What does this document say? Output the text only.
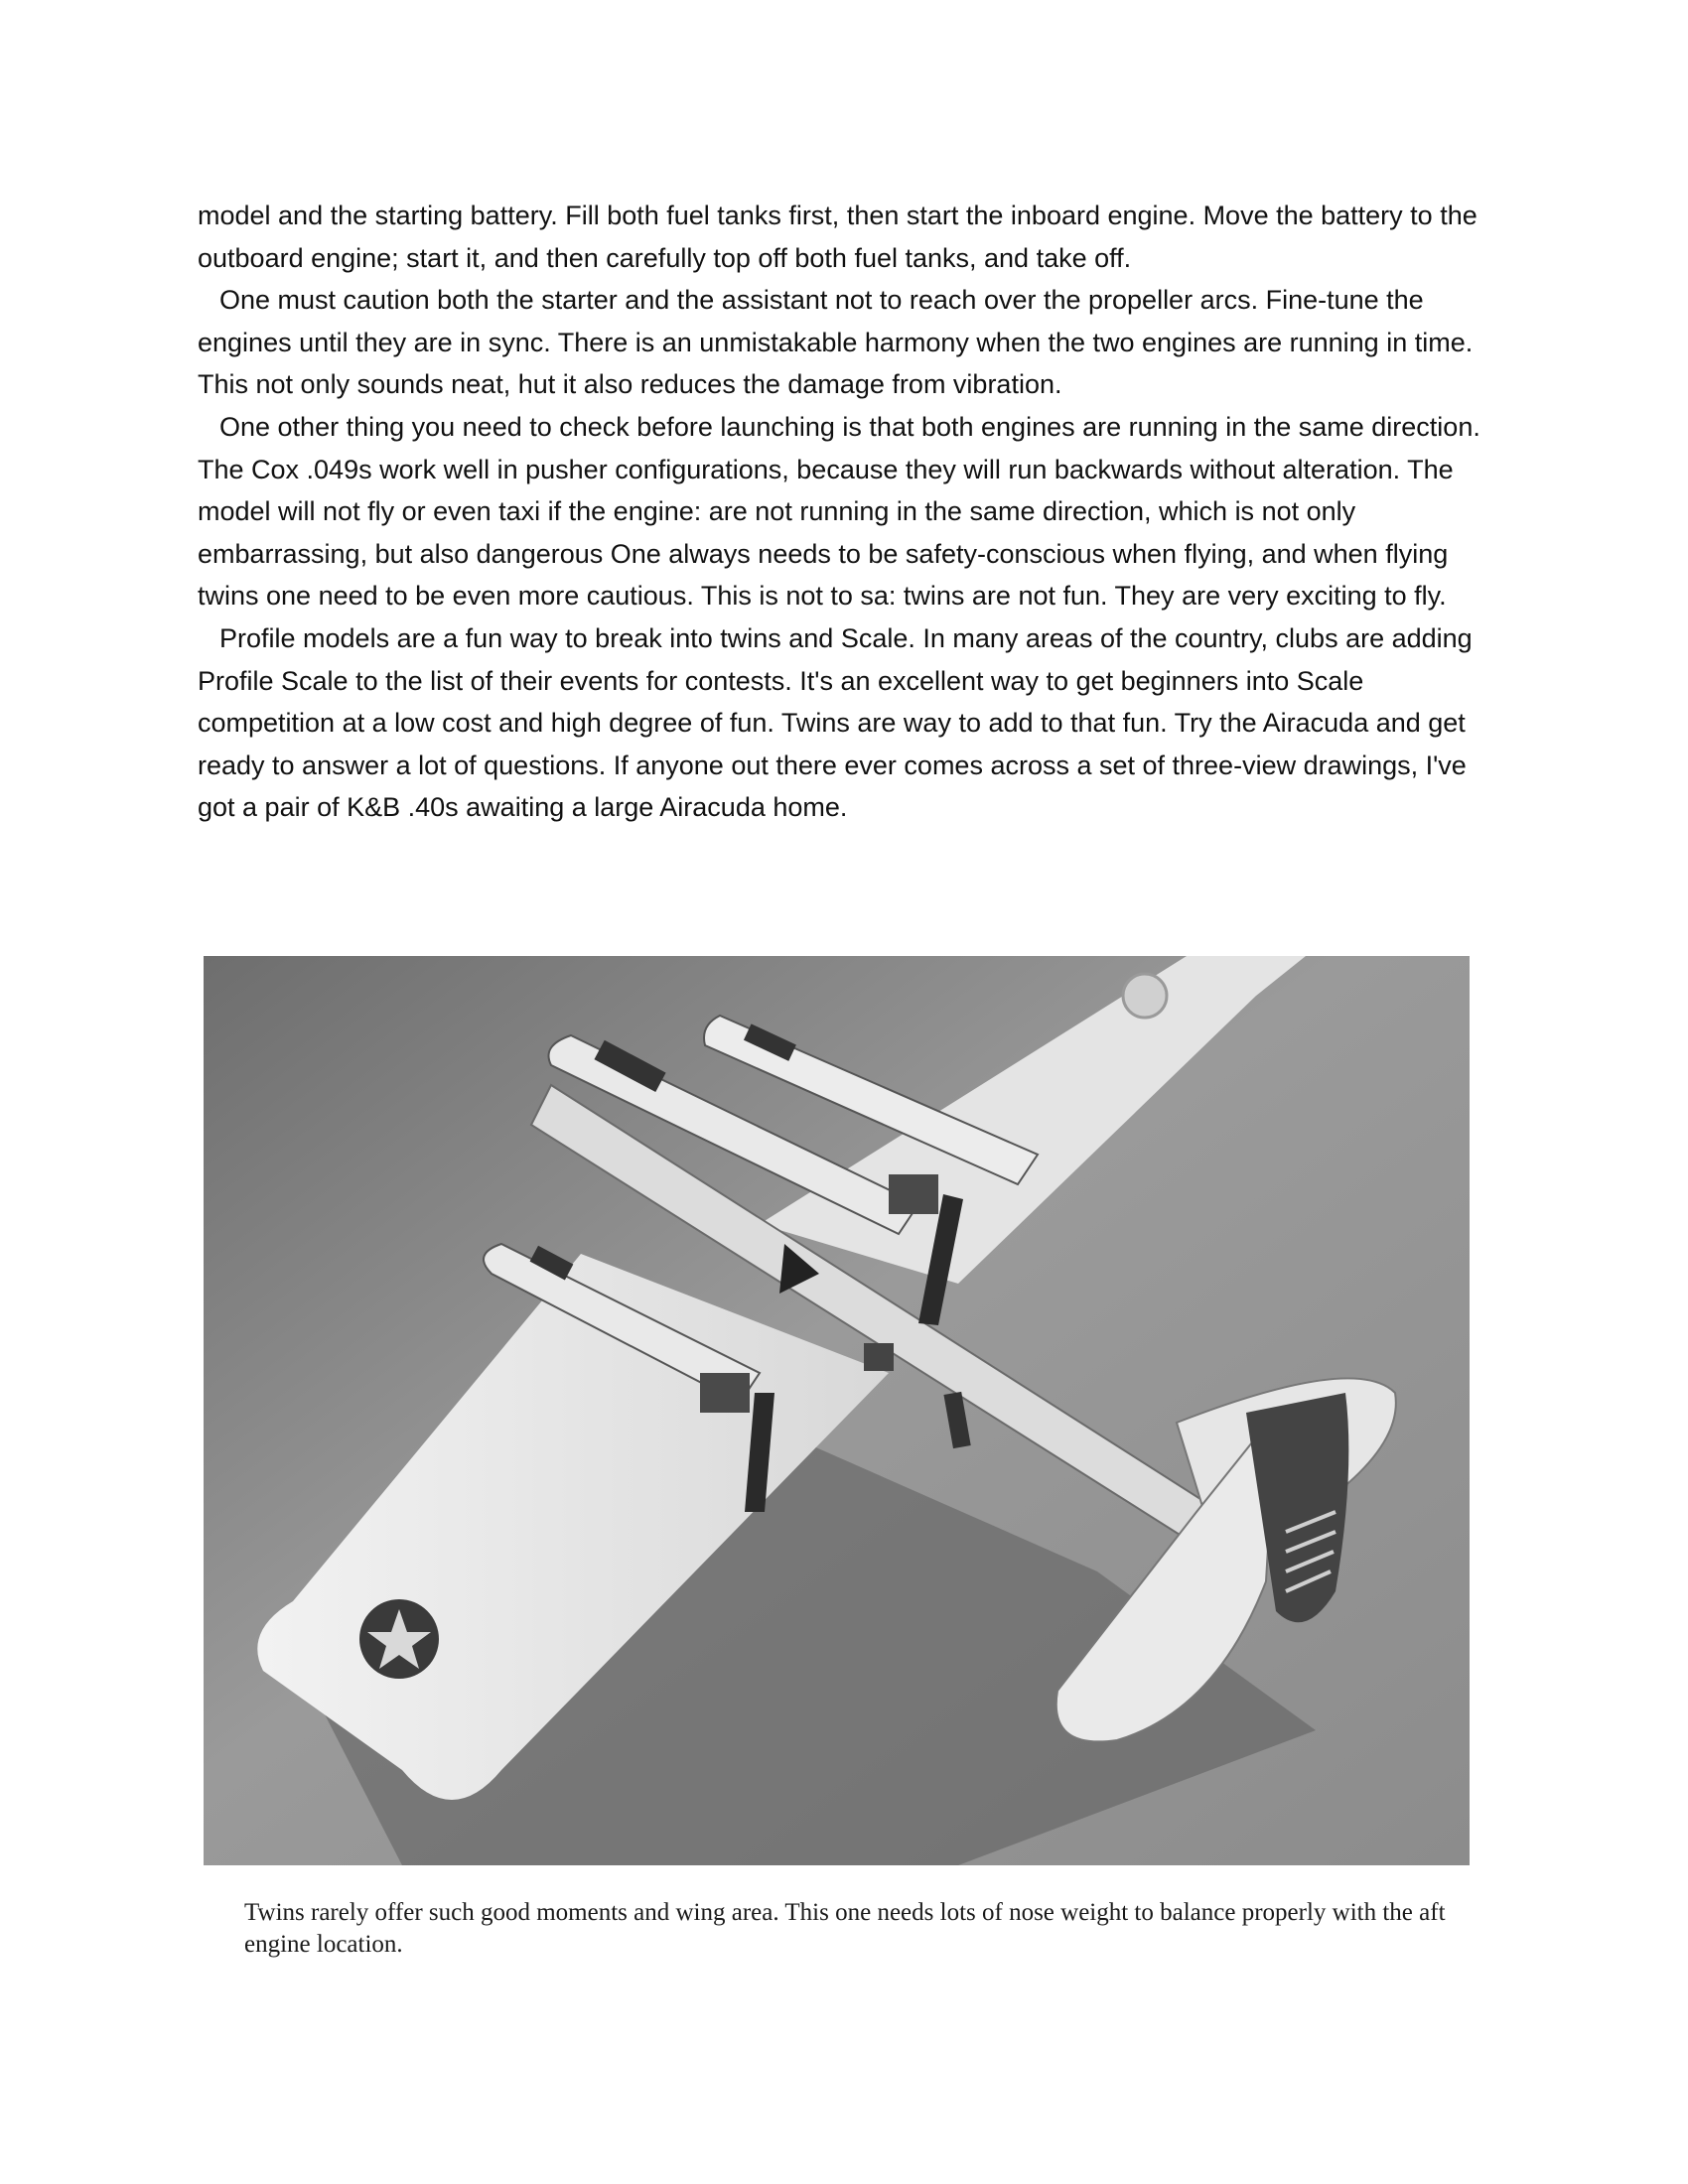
model and the starting battery. Fill both fuel tanks first, then start the inboard engine. Move the battery to the outboard engine; start it, and then carefully top off both fuel tanks, and take off.

One must caution both the starter and the assistant not to reach over the propeller arcs. Fine-tune the engines until they are in sync. There is an unmistakable harmony when the two engines are running in time. This not only sounds neat, hut it also reduces the damage from vibration.

One other thing you need to check before launching is that both engines are running in the same direction. The Cox .049s work well in pusher configurations, because they will run backwards without alteration. The model will not fly or even taxi if the engine: are not running in the same direction, which is not only embarrassing, but also dangerous One always needs to be safety-conscious when flying, and when flying twins one need to be even more cautious. This is not to sa: twins are not fun. They are very exciting to fly.

Profile models are a fun way to break into twins and Scale. In many areas of the country, clubs are adding Profile Scale to the list of their events for contests. It's an excellent way to get beginners into Scale competition at a low cost and high degree of fun. Twins are way to add to that fun. Try the Airacuda and get ready to answer a lot of questions. If anyone out there ever comes across a set of three-view drawings, I've got a pair of K&B .40s awaiting a large Airacuda home.

Twins rarely offer such good moments and wing area. This one needs lots of nose weight to balance properly with the aft engine location.
